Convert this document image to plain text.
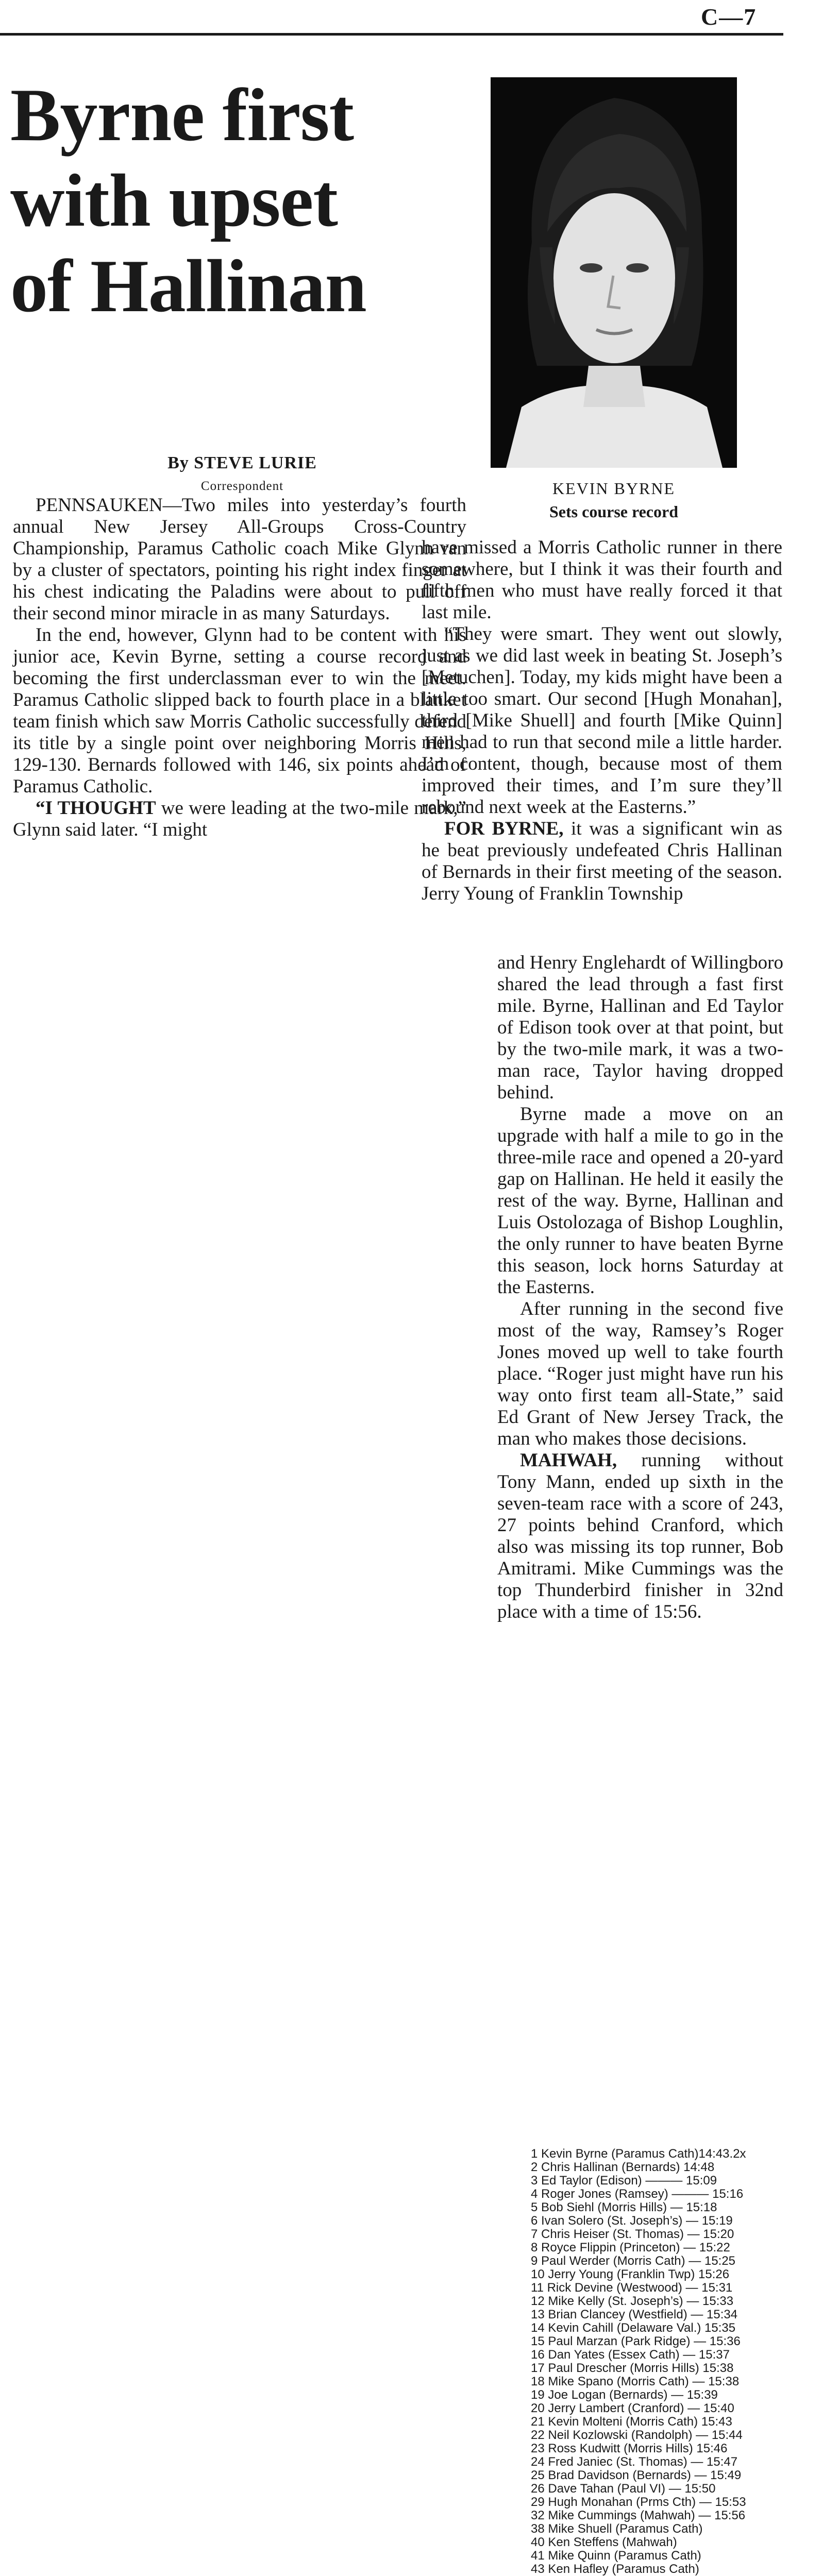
C—7
Byrne first
with upset
of Hallinan
KEVIN BYRNE
Sets course record
By STEVE LURIE
Correspondent

PENNSAUKEN—Two miles into yesterday’s fourth annual New Jersey All-Groups Cross-Country Championship, Paramus Catholic coach Mike Glynn ran by a cluster of spectators, pointing his right index finger at his chest indicating the Paladins were about to pull off their second minor miracle in as many Saturdays.

In the end, however, Glynn had to be content with his junior ace, Kevin Byrne, setting a course record and becoming the first underclassman ever to win the meet. Paramus Catholic slipped back to fourth place in a blanket team finish which saw Morris Catholic successfully defend its title by a single point over neighboring Morris Hills, 129-130. Bernards followed with 146, six points ahead of Paramus Catholic.

“I THOUGHT we were leading at the two-mile mark,” Glynn said later. “I might

have missed a Morris Catholic runner in there somewhere, but I think it was their fourth and fifth men who must have really forced it that last mile.

“They were smart. They went out slowly, just as we did last week in beating St. Joseph’s [Metuchen]. Today, my kids might have been a little too smart. Our second [Hugh Monahan], third [Mike Shuell] and fourth [Mike Quinn] men had to run that second mile a little harder. I’m content, though, because most of them improved their times, and I’m sure they’ll rebound next week at the Easterns.”

FOR BYRNE, it was a significant win as he beat previously undefeated Chris Hallinan of Bernards in their first meeting of the season. Jerry Young of Franklin Township

and Henry Englehardt of Willingboro shared the lead through a fast first mile. Byrne, Hallinan and Ed Taylor of Edison took over at that point, but by the two-mile mark, it was a two-man race, Taylor having dropped behind.

Byrne made a move on an upgrade with half a mile to go in the three-mile race and opened a 20-yard gap on Hallinan. He held it easily the rest of the way. Byrne, Hallinan and Luis Ostolozaga of Bishop Loughlin, the only runner to have beaten Byrne this season, lock horns Saturday at the Easterns.

After running in the second five most of the way, Ramsey’s Roger Jones moved up well to take fourth place. “Roger just might have run his way onto first team all-State,” said Ed Grant of New Jersey Track, the man who makes those decisions.

MAHWAH, running without Tony Mann, ended up sixth in the seven-team race with a score of 243, 27 points behind Cranford, which also was missing its top runner, Bob Amitrami. Mike Cummings was the top Thunderbird finisher in 32nd place with a time of 15:56.

1 Kevin Byrne (Paramus Cath)14:43.2x
2 Chris Hallinan (Bernards) 14:48
3 Ed Taylor (Edison) ——— 15:09
4 Roger Jones (Ramsey) ——— 15:16
5 Bob Siehl (Morris Hills) — 15:18
6 Ivan Solero (St. Joseph’s) — 15:19
7 Chris Heiser (St. Thomas) — 15:20
8 Royce Flippin (Princeton) — 15:22
9 Paul Werder (Morris Cath) — 15:25
10 Jerry Young (Franklin Twp) 15:26
11 Rick Devine (Westwood) — 15:31
12 Mike Kelly (St. Joseph’s) — 15:33
13 Brian Clancey (Westfield) — 15:34
14 Kevin Cahill (Delaware Val.) 15:35
15 Paul Marzan (Park Ridge) — 15:36
16 Dan Yates (Essex Cath) — 15:37
17 Paul Drescher (Morris Hills) 15:38
18 Mike Spano (Morris Cath) — 15:38
19 Joe Logan (Bernards) — 15:39
20 Jerry Lambert (Cranford) — 15:40
21 Kevin Molteni (Morris Cath) 15:43
22 Neil Kozlowski (Randolph) — 15:44
23 Ross Kudwitt (Morris Hills) 15:46
24 Fred Janiec (St. Thomas) — 15:47
25 Brad Davidson (Bernards) — 15:49
26 Dave Tahan (Paul VI) — 15:50
29 Hugh Monahan (Prms Cth) — 15:53
32 Mike Cummings (Mahwah) — 15:56
38 Mike Shuell (Paramus Cath)
40 Ken Steffens (Mahwah)
41 Mike Quinn (Paramus Cath)
43 Ken Hafley (Paramus Cath)
